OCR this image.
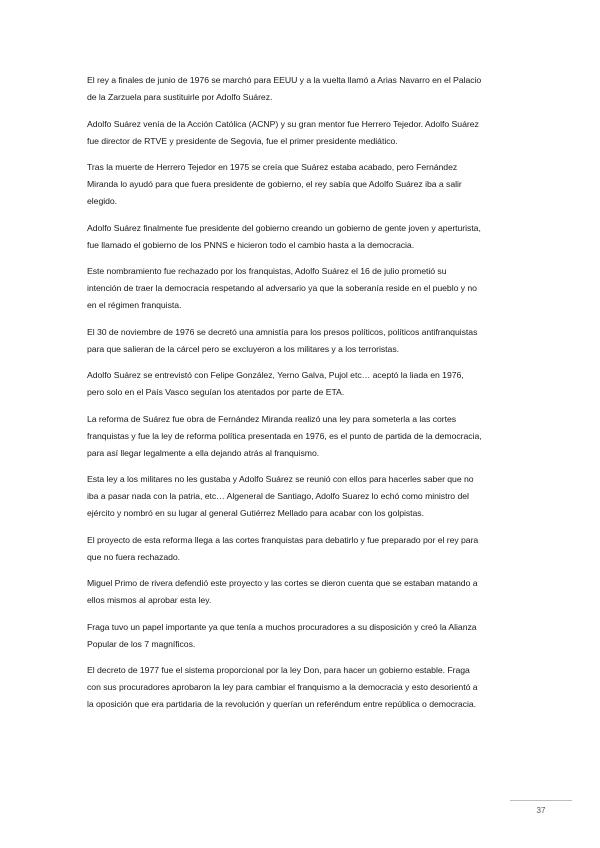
El rey a finales de junio de 1976 se marchó para EEUU y a la vuelta llamó a Arias Navarro en el Palacio de la Zarzuela para sustituirle por Adolfo Suárez.

Adolfo Suárez venía de la Acción Católica (ACNP) y su gran mentor fue Herrero Tejedor. Adolfo Suárez fue director de RTVE y presidente de Segovia, fue el primer presidente mediático.

Tras la muerte de Herrero Tejedor en 1975 se creía que Suárez estaba acabado, pero Fernández Miranda lo ayudó para que fuera presidente de gobierno, el rey sabía que Adolfo Suárez iba a salir elegido.

Adolfo Suárez finalmente fue presidente del gobierno creando un gobierno de gente joven y aperturista, fue llamado el gobierno de los PNNS e hicieron todo el cambio hasta a la democracia.

Este nombramiento fue rechazado por los franquistas, Adolfo Suárez el 16 de julio prometió su intención de traer la democracia respetando al adversario ya que la soberanía reside en el pueblo y no en el régimen franquista.

El 30 de noviembre de 1976 se decretó una amnistía para los presos políticos, políticos antifranquistas para que salieran de la cárcel pero se excluyeron a los militares y a los terroristas.

Adolfo Suárez se entrevistó con Felipe González, Yerno Galva, Pujol etc… aceptó la liada en 1976, pero solo en el País Vasco seguían los atentados por parte de ETA.

La reforma de Suárez fue obra de Fernández Miranda realizó una ley para someterla a las cortes franquistas y fue la ley de reforma política presentada en 1976, es el punto de partida de la democracia, para así llegar legalmente a ella dejando atrás al franquismo.

Esta ley a los militares no les gustaba y Adolfo Suárez se reunió con ellos para hacerles saber que no iba a pasar nada con la patria, etc… Algeneral de Santiago, Adolfo Suarez lo echó como ministro del ejército y nombró en su lugar al general Gutiérrez Mellado para acabar con los golpistas.

El proyecto de esta reforma llega a las cortes franquistas para debatirlo y fue preparado por el rey para que no fuera rechazado.

Miguel Primo de rivera defendió este proyecto y las cortes se dieron cuenta que se estaban matando a ellos mismos al aprobar esta ley.

Fraga tuvo un papel importante ya que tenía a muchos procuradores a su disposición y creó la Alianza Popular de los 7 magníficos.

El decreto de 1977 fue el sistema proporcional por la ley Don, para hacer un gobierno estable. Fraga con sus procuradores aprobaron la ley para cambiar el franquismo a la democracia y esto desorientó a la oposición que era partidaria de la revolución y querían un referéndum entre república o democracia.

37
